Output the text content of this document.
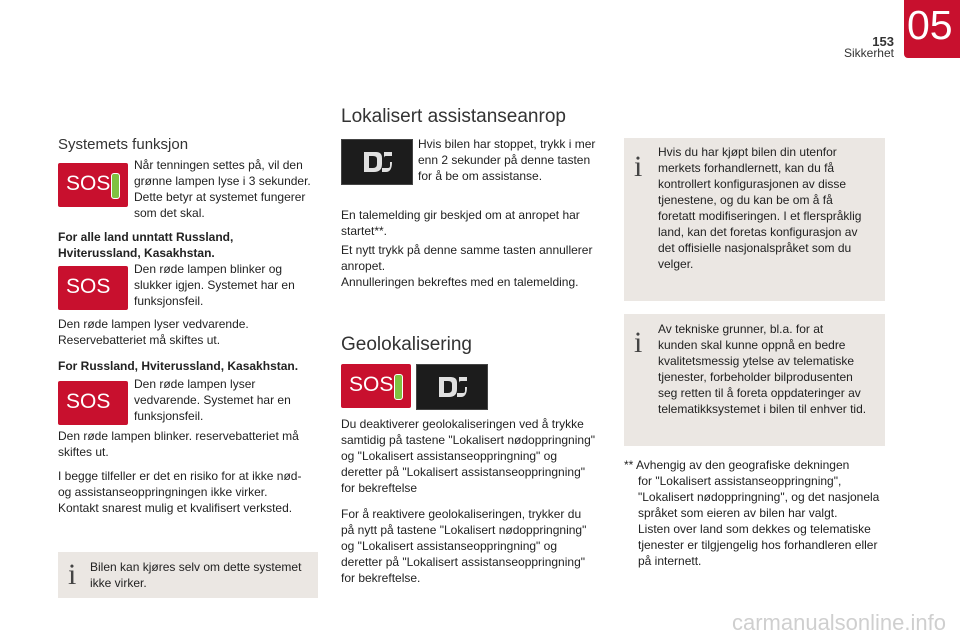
153
Sikkerhet
05
Systemets funksjon
SOS
Når tenningen settes på, vil den
grønne lampen lyse i 3 sekunder.
Dette betyr at systemet fungerer
som det skal.
For alle land unntatt Russland,
Hviterussland, Kasakhstan.
SOS
Den røde lampen blinker og
slukker igjen. Systemet har en
funksjonsfeil.
Den røde lampen lyser vedvarende.
Reservebatteriet må skiftes ut.
For Russland, Hviterussland, Kasakhstan.
SOS
Den røde lampen lyser
vedvarende. Systemet har en
funksjonsfeil.
Den røde lampen blinker. reservebatteriet må
skiftes ut.
I begge tilfeller er det en risiko for at ikke nød-
og assistanseoppringningen ikke virker.
Kontakt snarest mulig et kvalifisert verksted.
i Bilen kan kjøres selv om dette systemet
ikke virker.
Lokalisert assistanseanrop
Hvis bilen har stoppet, trykk i mer
enn 2 sekunder på denne tasten
for å be om assistanse.
En talemelding gir beskjed om at anropet har
startet**.
Et nytt trykk på denne samme tasten annullerer
anropet.
Annulleringen bekreftes med en talemelding.
Geolokalisering
SOS
Du deaktiverer geolokaliseringen ved å trykke
samtidig på tastene "Lokalisert nødoppringning"
og "Lokalisert assistanseoppringning" og
deretter på "Lokalisert assistanseoppringning"
for bekreftelse
For å reaktivere geolokaliseringen, trykker du
på nytt på tastene "Lokalisert nødoppringning"
og "Lokalisert assistanseoppringning" og
deretter på "Lokalisert assistanseoppringning"
for bekreftelse.
i Hvis du har kjøpt bilen din utenfor
merkets forhandlernett, kan du få
kontrollert konfigurasjonen av disse
tjenestene, og du kan be om å få
foretatt modifiseringen. I et flerspråklig
land, kan det foretas konfigurasjon av
det offisielle nasjonalspråket som du
velger.
i Av tekniske grunner, bl.a. for at
kunden skal kunne oppnå en bedre
kvalitetsmessig ytelse av telematiske
tjenester, forbeholder bilprodusenten
seg retten til å foreta oppdateringer av
telematikksystemet i bilen til enhver tid.
** Avhengig av den geografiske dekningen
for "Lokalisert assistanseoppringning",
"Lokalisert nødoppringning", og det nasjonela
språket som eieren av bilen har valgt.
Listen over land som dekkes og telematiske
tjenester er tilgjengelig hos forhandleren eller
på internett.
carmanualsonline.info
